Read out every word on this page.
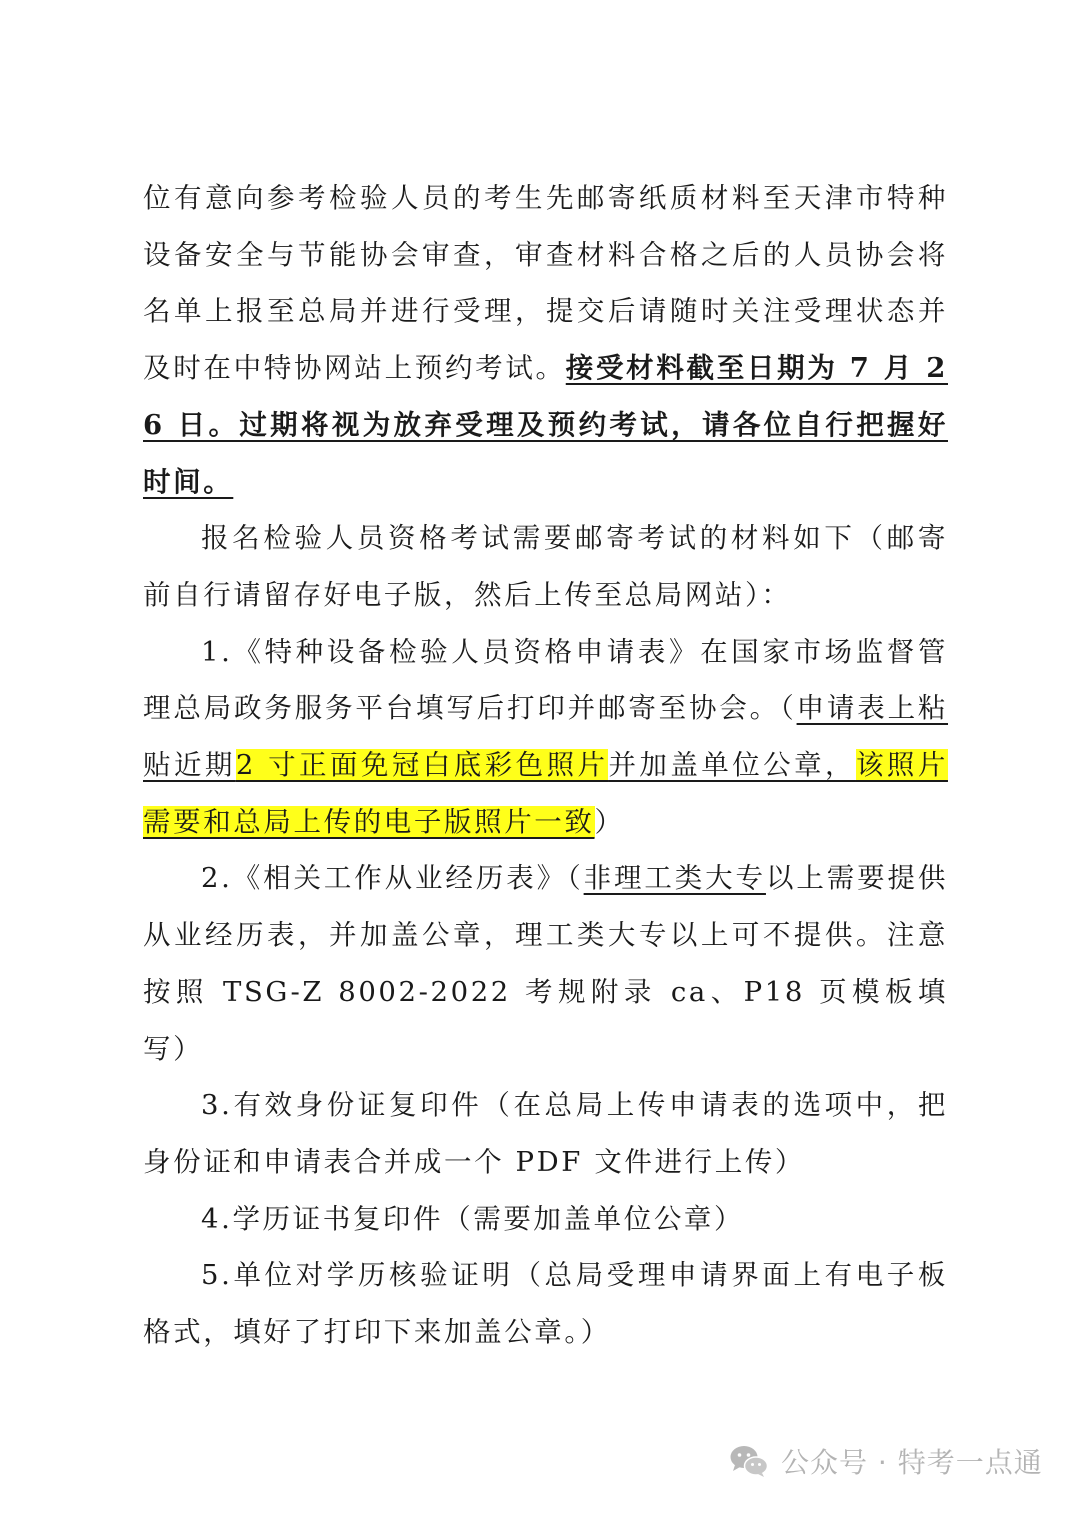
位有意向参考检验人员的考生先邮寄纸质材料至天津市特种设备安全与节能协会审查，审查材料合格之后的人员协会将名单上报至总局并进行受理，提交后请随时关注受理状态并及时在中特协网站上预约考试。接受材料截至日期为 7 月 26 日。过期将视为放弃受理及预约考试，请各位自行把握好时间。

报名检验人员资格考试需要邮寄考试的材料如下（邮寄前自行请留存好电子版，然后上传至总局网站）：

1.《特种设备检验人员资格申请表》在国家市场监督管理总局政务服务平台填写后打印并邮寄至协会。（申请表上粘贴近期2 寸正面免冠白底彩色照片并加盖单位公章，该照片需要和总局上传的电子版照片一致）

2.《相关工作从业经历表》（非理工类大专以上需要提供从业经历表，并加盖公章，理工类大专以上可不提供。注意按照 TSG-Z 8002-2022 考规附录 ca、P18 页模板填写）

3.有效身份证复印件（在总局上传申请表的选项中，把身份证和申请表合并成一个 PDF 文件进行上传）

4.学历证书复印件（需要加盖单位公章）

5.单位对学历核验证明（总局受理申请界面上有电子板格式，填好了打印下来加盖公章。）

公众号 · 特考一点通
